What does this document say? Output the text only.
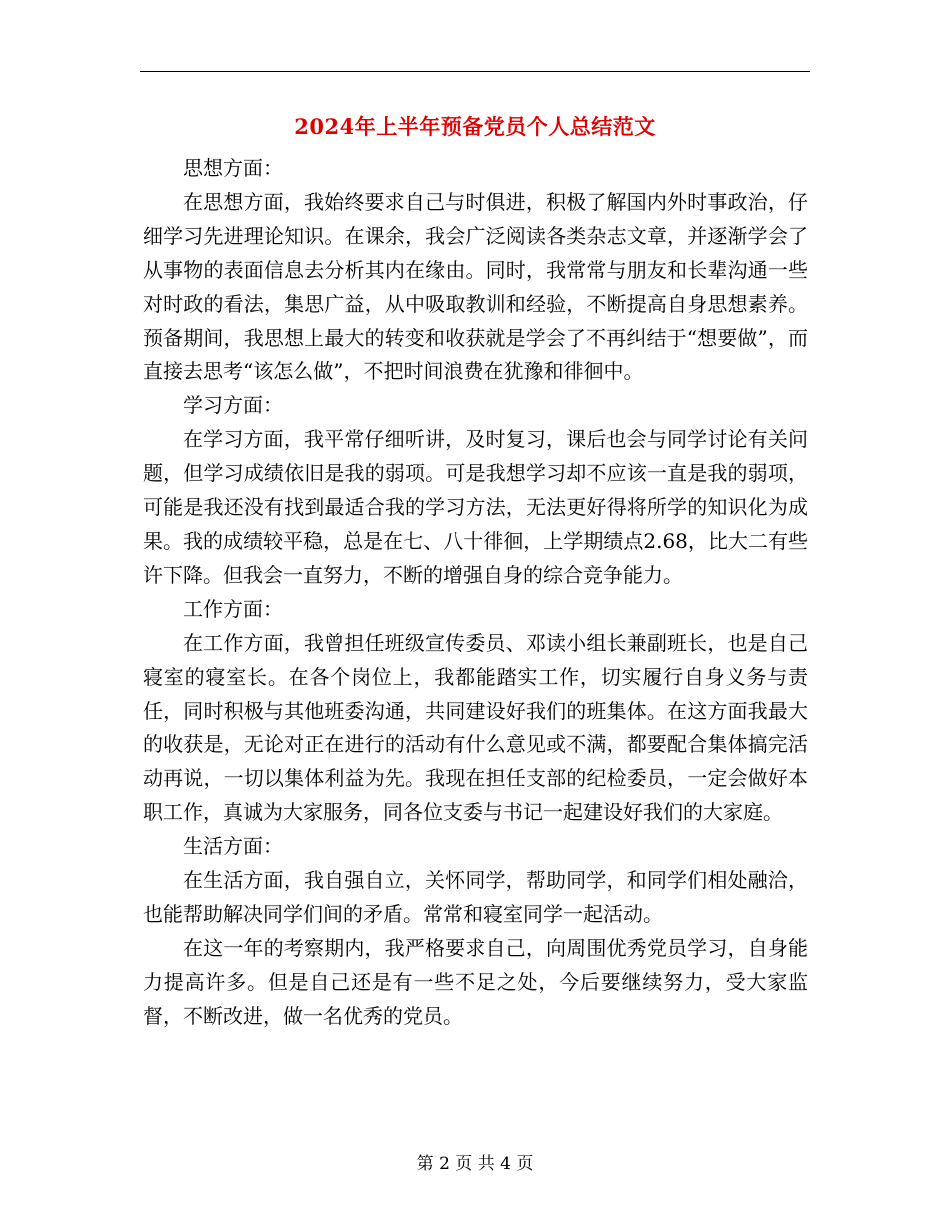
2024年上半年预备党员个人总结范文

思想方面：

在思想方面，我始终要求自己与时俱进，积极了解国内外时事政治，仔细学习先进理论知识。在课余，我会广泛阅读各类杂志文章，并逐渐学会了从事物的表面信息去分析其内在缘由。同时，我常常与朋友和长辈沟通一些对时政的看法，集思广益，从中吸取教训和经验，不断提高自身思想素养。预备期间，我思想上最大的转变和收获就是学会了不再纠结于“想要做”，而直接去思考“该怎么做”，不把时间浪费在犹豫和徘徊中。

学习方面：

在学习方面，我平常仔细听讲，及时复习，课后也会与同学讨论有关问题，但学习成绩依旧是我的弱项。可是我想学习却不应该一直是我的弱项，可能是我还没有找到最适合我的学习方法，无法更好得将所学的知识化为成果。我的成绩较平稳，总是在七、八十徘徊，上学期绩点2.68，比大二有些许下降。但我会一直努力，不断的增强自身的综合竞争能力。

工作方面：

在工作方面，我曾担任班级宣传委员、邓读小组长兼副班长，也是自己寝室的寝室长。在各个岗位上，我都能踏实工作，切实履行自身义务与责任，同时积极与其他班委沟通，共同建设好我们的班集体。在这方面我最大的收获是，无论对正在进行的活动有什么意见或不满，都要配合集体搞完活动再说，一切以集体利益为先。我现在担任支部的纪检委员，一定会做好本职工作，真诚为大家服务，同各位支委与书记一起建设好我们的大家庭。

生活方面：

在生活方面，我自强自立，关怀同学，帮助同学，和同学们相处融洽，也能帮助解决同学们间的矛盾。常常和寝室同学一起活动。

在这一年的考察期内，我严格要求自己，向周围优秀党员学习，自身能力提高许多。但是自己还是有一些不足之处，今后要继续努力，受大家监督，不断改进，做一名优秀的党员。

第 2 页 共 4 页
